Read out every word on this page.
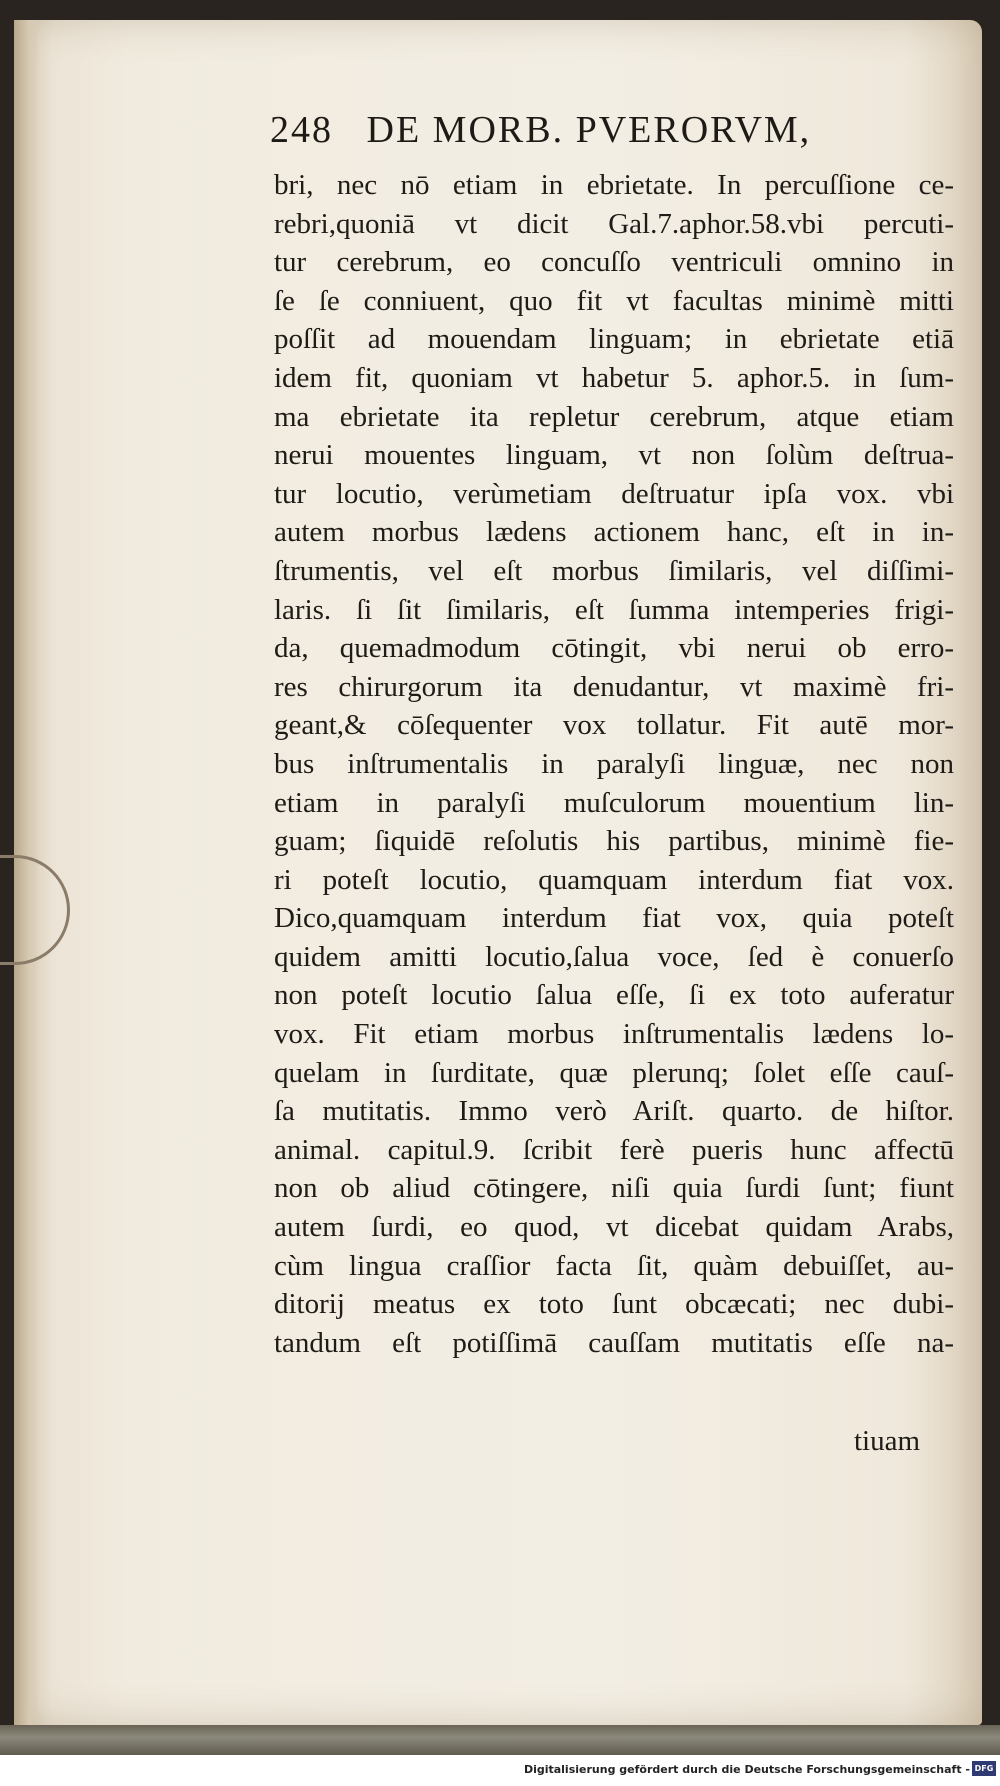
248 DE MORB. PVERORVM,
bri, nec nō etiam in ebrietate. In percuſſione ce-
rebri,quoniā vt dicit Gal.7.aphor.58.vbi percuti-
tur cerebrum, eo concuſſo ventriculi omnino in
ſe ſe conniuent, quo fit vt facultas minimè mitti
poſſit ad mouendam linguam; in ebrietate etiā
idem fit, quoniam vt habetur 5. aphor.5. in ſum-
ma ebrietate ita repletur cerebrum, atque etiam
nerui mouentes linguam, vt non ſolùm deſtrua-
tur locutio, verùmetiam deſtruatur ipſa vox. vbi
autem morbus lædens actionem hanc, eſt in in-
ſtrumentis, vel eſt morbus ſimilaris, vel diſſimi-
laris. ſi ſit ſimilaris, eſt ſumma intemperies frigi-
da, quemadmodum cōtingit, vbi nerui ob erro-
res chirurgorum ita denudantur, vt maximè fri-
geant,& cōſequenter vox tollatur. Fit autē mor-
bus inſtrumentalis in paralyſi linguæ, nec non
etiam in paralyſi muſculorum mouentium lin-
guam; ſiquidē reſolutis his partibus, minimè fie-
ri poteſt locutio, quamquam interdum fiat vox.
Dico,quamquam interdum fiat vox, quia poteſt
quidem amitti locutio,ſalua voce, ſed è conuerſo
non poteſt locutio ſalua eſſe, ſi ex toto auferatur
vox. Fit etiam morbus inſtrumentalis lædens lo-
quelam in ſurditate, quæ plerunq; ſolet eſſe cauſ-
ſa mutitatis. Immo verò Ariſt. quarto. de hiſtor.
animal. capitul.9. ſcribit ferè pueris hunc affectū
non ob aliud cōtingere, niſi quia ſurdi ſunt; fiunt
autem ſurdi, eo quod, vt dicebat quidam Arabs,
cùm lingua craſſior facta ſit, quàm debuiſſet, au-
ditorij meatus ex toto ſunt obcæcati; nec dubi-
tandum eſt potiſſimā cauſſam mutitatis eſſe na-
tiuam
Digitalisierung gefördert durch die Deutsche Forschungsgemeinschaft - DFG
